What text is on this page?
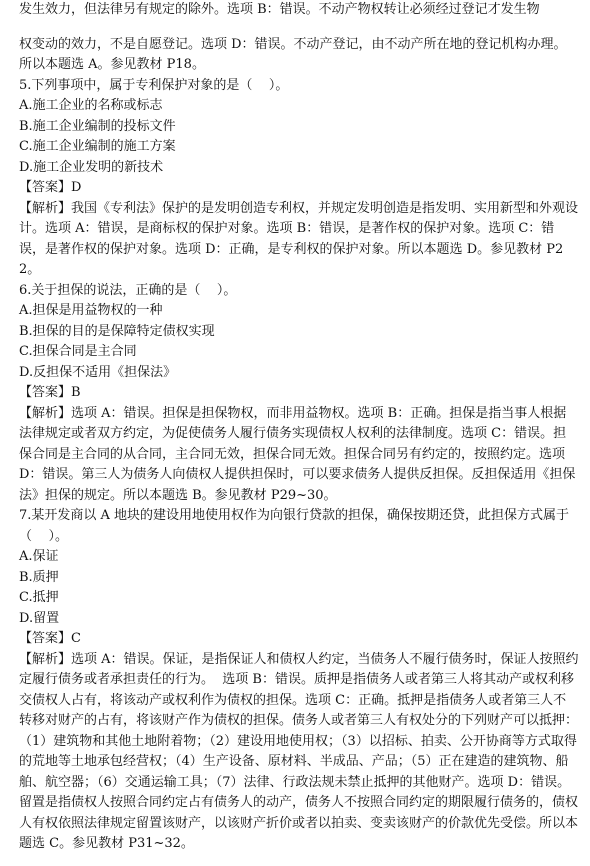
发生效力，但法律另有规定的除外。选项 B：错误。不动产物权转让必须经过登记才发生物

权变动的效力，不是自愿登记。选项 D：错误。不动产登记，由不动产所在地的登记机构办理。所以本题选 A。参见教材 P18。

5.下列事项中，属于专利保护对象的是（    ）。

A.施工企业的名称或标志

B.施工企业编制的投标文件

C.施工企业编制的施工方案

D.施工企业发明的新技术

【答案】D

【解析】我国《专利法》保护的是发明创造专利权，并规定发明创造是指发明、实用新型和外观设计。选项 A：错误，是商标权的保护对象。选项 B：错误，是著作权的保护对象。选项 C：错误，是著作权的保护对象。选项 D：正确，是专利权的保护对象。所以本题选 D。参见教材 P22。

6.关于担保的说法，正确的是（    ）。

A.担保是用益物权的一种

B.担保的目的是保障特定债权实现

C.担保合同是主合同

D.反担保不适用《担保法》

【答案】B

【解析】选项 A：错误。担保是担保物权，而非用益物权。选项 B：正确。担保是指当事人根据法律规定或者双方约定，为促使债务人履行债务实现债权人权利的法律制度。选项 C：错误。担保合同是主合同的从合同，主合同无效，担保合同无效。担保合同另有约定的，按照约定。选项 D：错误。第三人为债务人向债权人提供担保时，可以要求债务人提供反担保。反担保适用《担保法》担保的规定。所以本题选 B。参见教材 P29~30。

7.某开发商以 A 地块的建设用地使用权作为向银行贷款的担保，确保按期还贷，此担保方式属于（    ）。

A.保证

B.质押

C.抵押

D.留置

【答案】C

【解析】选项 A：错误。保证，是指保证人和债权人约定，当债务人不履行债务时，保证人按照约定履行债务或者承担责任的行为。  选项 B：错误。质押是指债务人或者第三人将其动产或权利移交债权人占有，将该动产或权利作为债权的担保。选项 C：正确。抵押是指债务人或者第三人不转移对财产的占有，将该财产作为债权的担保。债务人或者第三人有权处分的下列财产可以抵押：（1）建筑物和其他土地附着物；（2）建设用地使用权；（3）以招标、拍卖、公开协商等方式取得的荒地等土地承包经营权；（4）生产设备、原材料、半成品、产品；（5）正在建造的建筑物、船舶、航空器；（6）交通运输工具；（7）法律、行政法规未禁止抵押的其他财产。选项 D：错误。留置是指债权人按照合同约定占有债务人的动产，债务人不按照合同约定的期限履行债务的，债权人有权依照法律规定留置该财产，以该财产折价或者以拍卖、变卖该财产的价款优先受偿。所以本题选 C。参见教材 P31~32。
